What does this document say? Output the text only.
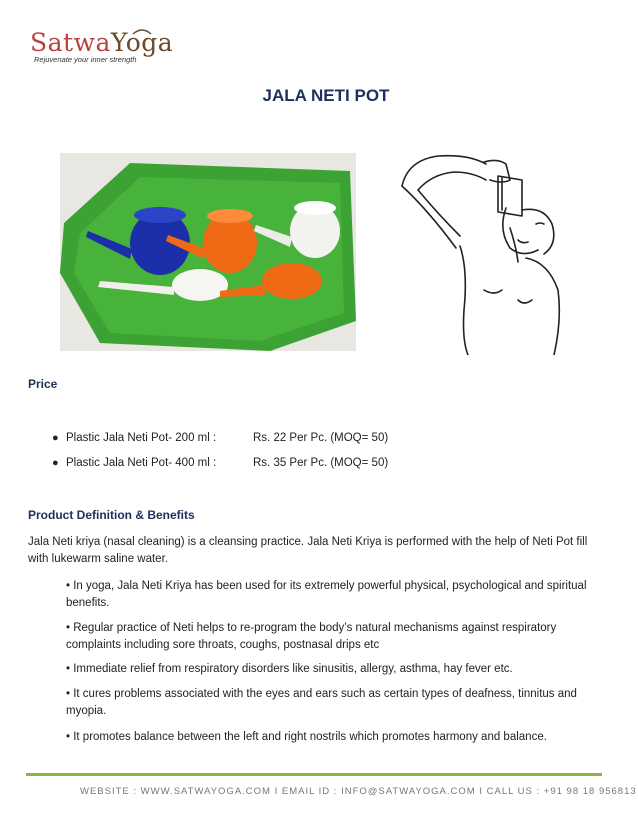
SatwaYoga
Rejuvenate your inner strength
JALA NETI POT
Price
● Plastic Jala Neti Pot- 200 ml :	Rs. 22 Per Pc. (MOQ= 50)
● Plastic Jala Neti Pot- 400 ml :	Rs. 35 Per Pc. (MOQ= 50)
Product Definition & Benefits
Jala Neti kriya (nasal cleaning) is a cleansing practice. Jala Neti Kriya is performed with the help of Neti Pot fill with lukewarm saline water.
• In yoga, Jala Neti Kriya has been used for its extremely powerful physical, psychological and spiritual benefits.
• Regular practice of Neti helps to re-program the body’s natural mechanisms against respiratory complaints including sore throats, coughs, postnasal drips etc
• Immediate relief from respiratory disorders like sinusitis, allergy, asthma, hay fever etc.
• It cures problems associated with the eyes and ears such as certain types of deafness, tinnitus and myopia.
• It promotes balance between the left and right nostrils which promotes harmony and balance.
WEBSITE : WWW.SATWAYOGA.COM I EMAIL ID : INFO@SATWAYOGA.COM I CALL US : +91 98 18 956813
